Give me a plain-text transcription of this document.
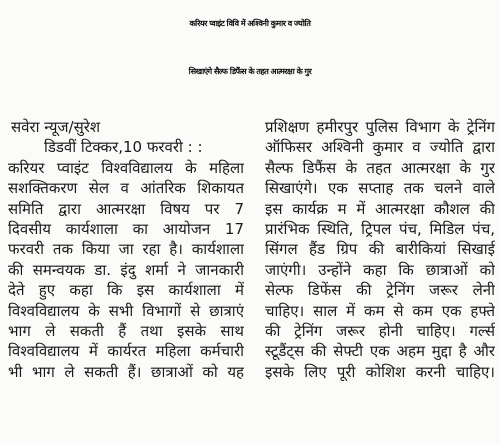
करियर प्वाइंट विवि में अश्विनी कुमार व ज्योति
सिखाएंगे सैल्फ डिफैंस के तहत आत्मरक्षा के गुर
सवेरा न्यूज/सुरेश
डिडवीं टिक्कर,10 फरवरी : :
करियर प्वाइंट विश्वविद्यालय के महिला
सशक्तिकरण सेल व आंतरिक शिकायत
समिति द्वारा आत्मरक्षा विषय पर 7
दिवसीय कार्यशाला का आयोजन 17
फरवरी तक किया जा रहा है। कार्यशाला
की समन्वयक डा. इंदु शर्मा ने जानकारी
देते हुए कहा कि इस कार्यशाला में
विश्वविद्यालय के सभी विभागों से छात्राएं
भाग ले सकती हैं तथा इसके साथ
विश्वविद्यालय में कार्यरत महिला कर्मचारी
भी भाग ले सकती हैं। छात्राओं को यह
प्रशिक्षण हमीरपुर पुलिस विभाग के ट्रेनिंग
ऑफिसर अश्विनी कुमार व ज्योति द्वारा
सैल्फ डिफैंस के तहत आत्मरक्षा के गुर
सिखाएंगे। एक सप्ताह तक चलने वाले
इस कार्यक्र म में आत्मरक्षा कौशल की
प्रारंभिक स्थिति, ट्रिपल पंच, मिडिल पंच,
सिंगल हैंड ग्रिप की बारीकियां सिखाई
जाएंगी। उन्होंने कहा कि छात्राओं को
सेल्फ डिफेंस की ट्रेनिंग जरूर लेनी
चाहिए। साल में कम से कम एक हफ्ते
की ट्रेनिंग जरूर होनी चाहिए। गर्ल्स
स्टूडैंट्स की सेफ्टी एक अहम मुद्दा है और
इसके लिए पूरी कोशिश करनी चाहिए।
